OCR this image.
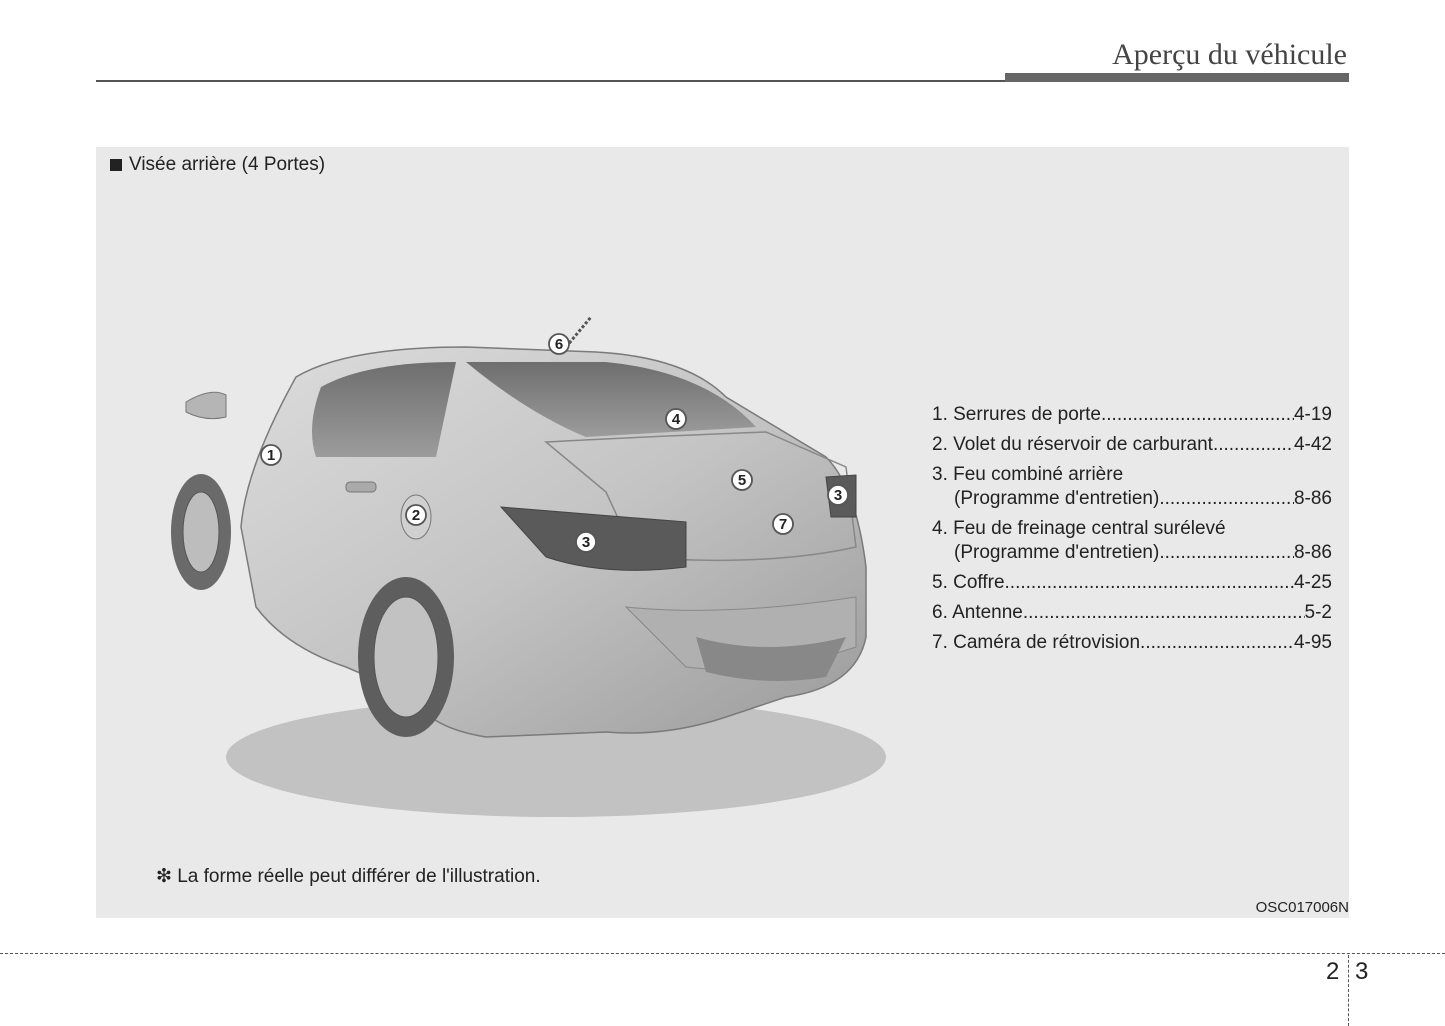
Aperçu du véhicule
Visée arrière (4 Portes)
1
2
3
3
4
5
6
7
1. Serrures de porte .....	4-19
2. Volet du réservoir de carburant .....	4-42
3. Feu combiné arrière
(Programme d'entretien) .....	8-86
4. Feu de freinage central surélevé
(Programme d'entretien) .....	8-86
5. Coffre .....	4-25
6. Antenne .....	5-2
7. Caméra de rétrovision .....	4-95
❇ La forme réelle peut différer de l'illustration.
OSC017006N
2 3
